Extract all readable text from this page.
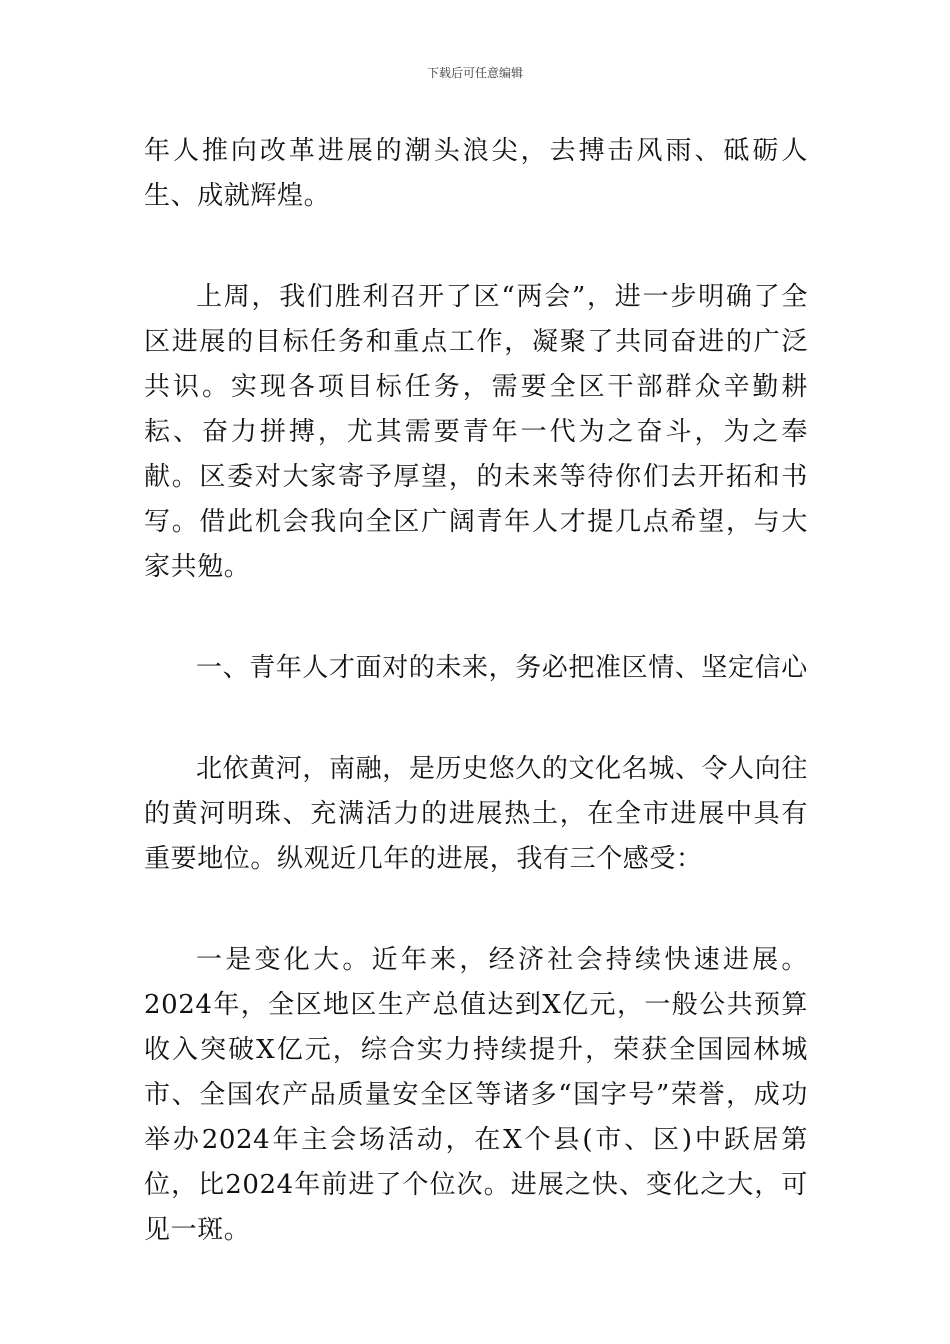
下载后可任意编辑

年人推向改革进展的潮头浪尖，去搏击风雨、砥砺人生、成就辉煌。

上周，我们胜利召开了区“两会”，进一步明确了全区进展的目标任务和重点工作，凝聚了共同奋进的广泛共识。实现各项目标任务，需要全区干部群众辛勤耕耘、奋力拼搏，尤其需要青年一代为之奋斗，为之奉献。区委对大家寄予厚望，的未来等待你们去开拓和书写。借此机会我向全区广阔青年人才提几点希望，与大家共勉。

一、青年人才面对的未来，务必把准区情、坚定信心

北依黄河，南融，是历史悠久的文化名城、令人向往的黄河明珠、充满活力的进展热土，在全市进展中具有重要地位。纵观近几年的进展，我有三个感受：

一是变化大。近年来，经济社会持续快速进展。2024年，全区地区生产总值达到X亿元，一般公共预算收入突破X亿元，综合实力持续提升，荣获全国园林城市、全国农产品质量安全区等诸多“国字号”荣誉，成功举办2024年主会场活动，在X个县(市、区)中跃居第位，比2024年前进了个位次。进展之快、变化之大，可见一斑。
